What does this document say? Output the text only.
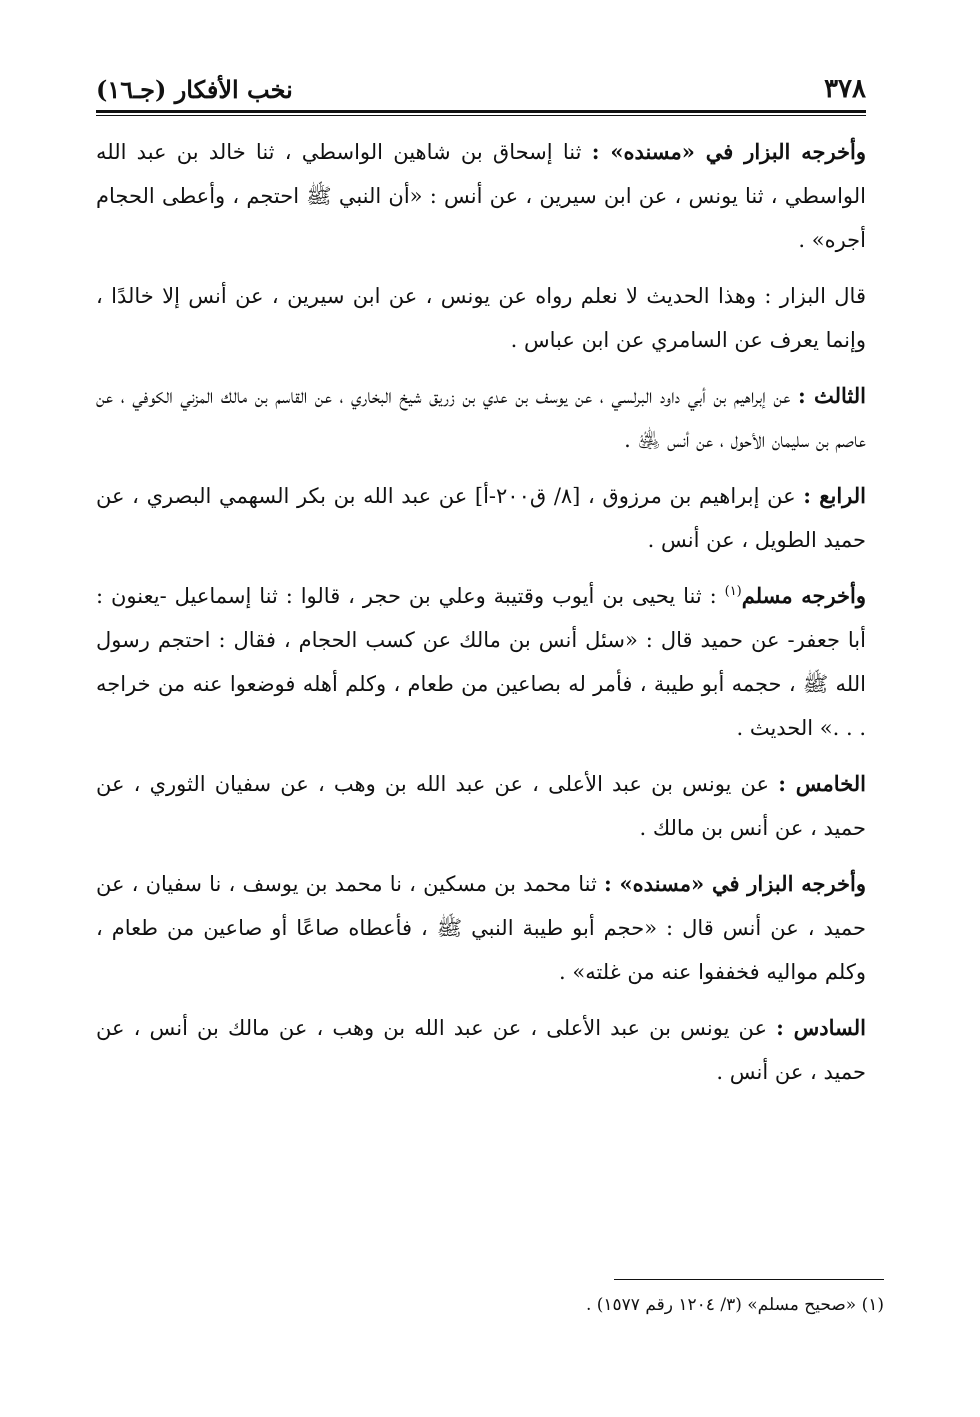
٣٧٨
نخب الأفكار (جـ١٦)

وأخرجه البزار في «مسنده» : ثنا إسحاق بن شاهين الواسطي ، ثنا خالد بن عبد الله الواسطي ، ثنا يونس ، عن ابن سيرين ، عن أنس : «أن النبي ﷺ احتجم ، وأعطى الحجام أجره» .

قال البزار : وهذا الحديث لا نعلم رواه عن يونس ، عن ابن سيرين ، عن أنس إلا خالدًا ، وإنما يعرف عن السامري عن ابن عباس .

الثالث : عن إبراهيم بن أبي داود البرلسي ، عن يوسف بن عدي بن زريق شيخ البخاري ، عن القاسم بن مالك المزني الكوفي ، عن عاصم بن سليمان الأحول ، عن أنس ﵁ .

الرابع : عن إبراهيم بن مرزوق ، [٨/ ق٢٠٠-أ] عن عبد الله بن بكر السهمي البصري ، عن حميد الطويل ، عن أنس .

وأخرجه مسلم$^{(١)}$ : ثنا يحيى بن أيوب وقتيبة وعلي بن حجر ، قالوا : ثنا إسماعيل -يعنون : أبا جعفر- عن حميد قال : «سئل أنس بن مالك عن كسب الحجام ، فقال : احتجم رسول الله ﷺ ، حجمه أبو طيبة ، فأمر له بصاعين من طعام ، وكلم أهله فوضعوا عنه من خراجه . . .» الحديث .

الخامس : عن يونس بن عبد الأعلى ، عن عبد الله بن وهب ، عن سفيان الثوري ، عن حميد ، عن أنس بن مالك .

وأخرجه البزار في «مسنده» : ثنا محمد بن مسكين ، نا محمد بن يوسف ، نا سفيان ، عن حميد ، عن أنس قال : «حجم أبو طيبة النبي ﷺ ، فأعطاه صاعًا أو صاعين من طعام ، وكلم مواليه فخففوا عنه من غلته» .

السادس : عن يونس بن عبد الأعلى ، عن عبد الله بن وهب ، عن مالك بن أنس ، عن حميد ، عن أنس .

(١) «صحيح مسلم» (٣/ ١٢٠٤ رقم ١٥٧٧) .
